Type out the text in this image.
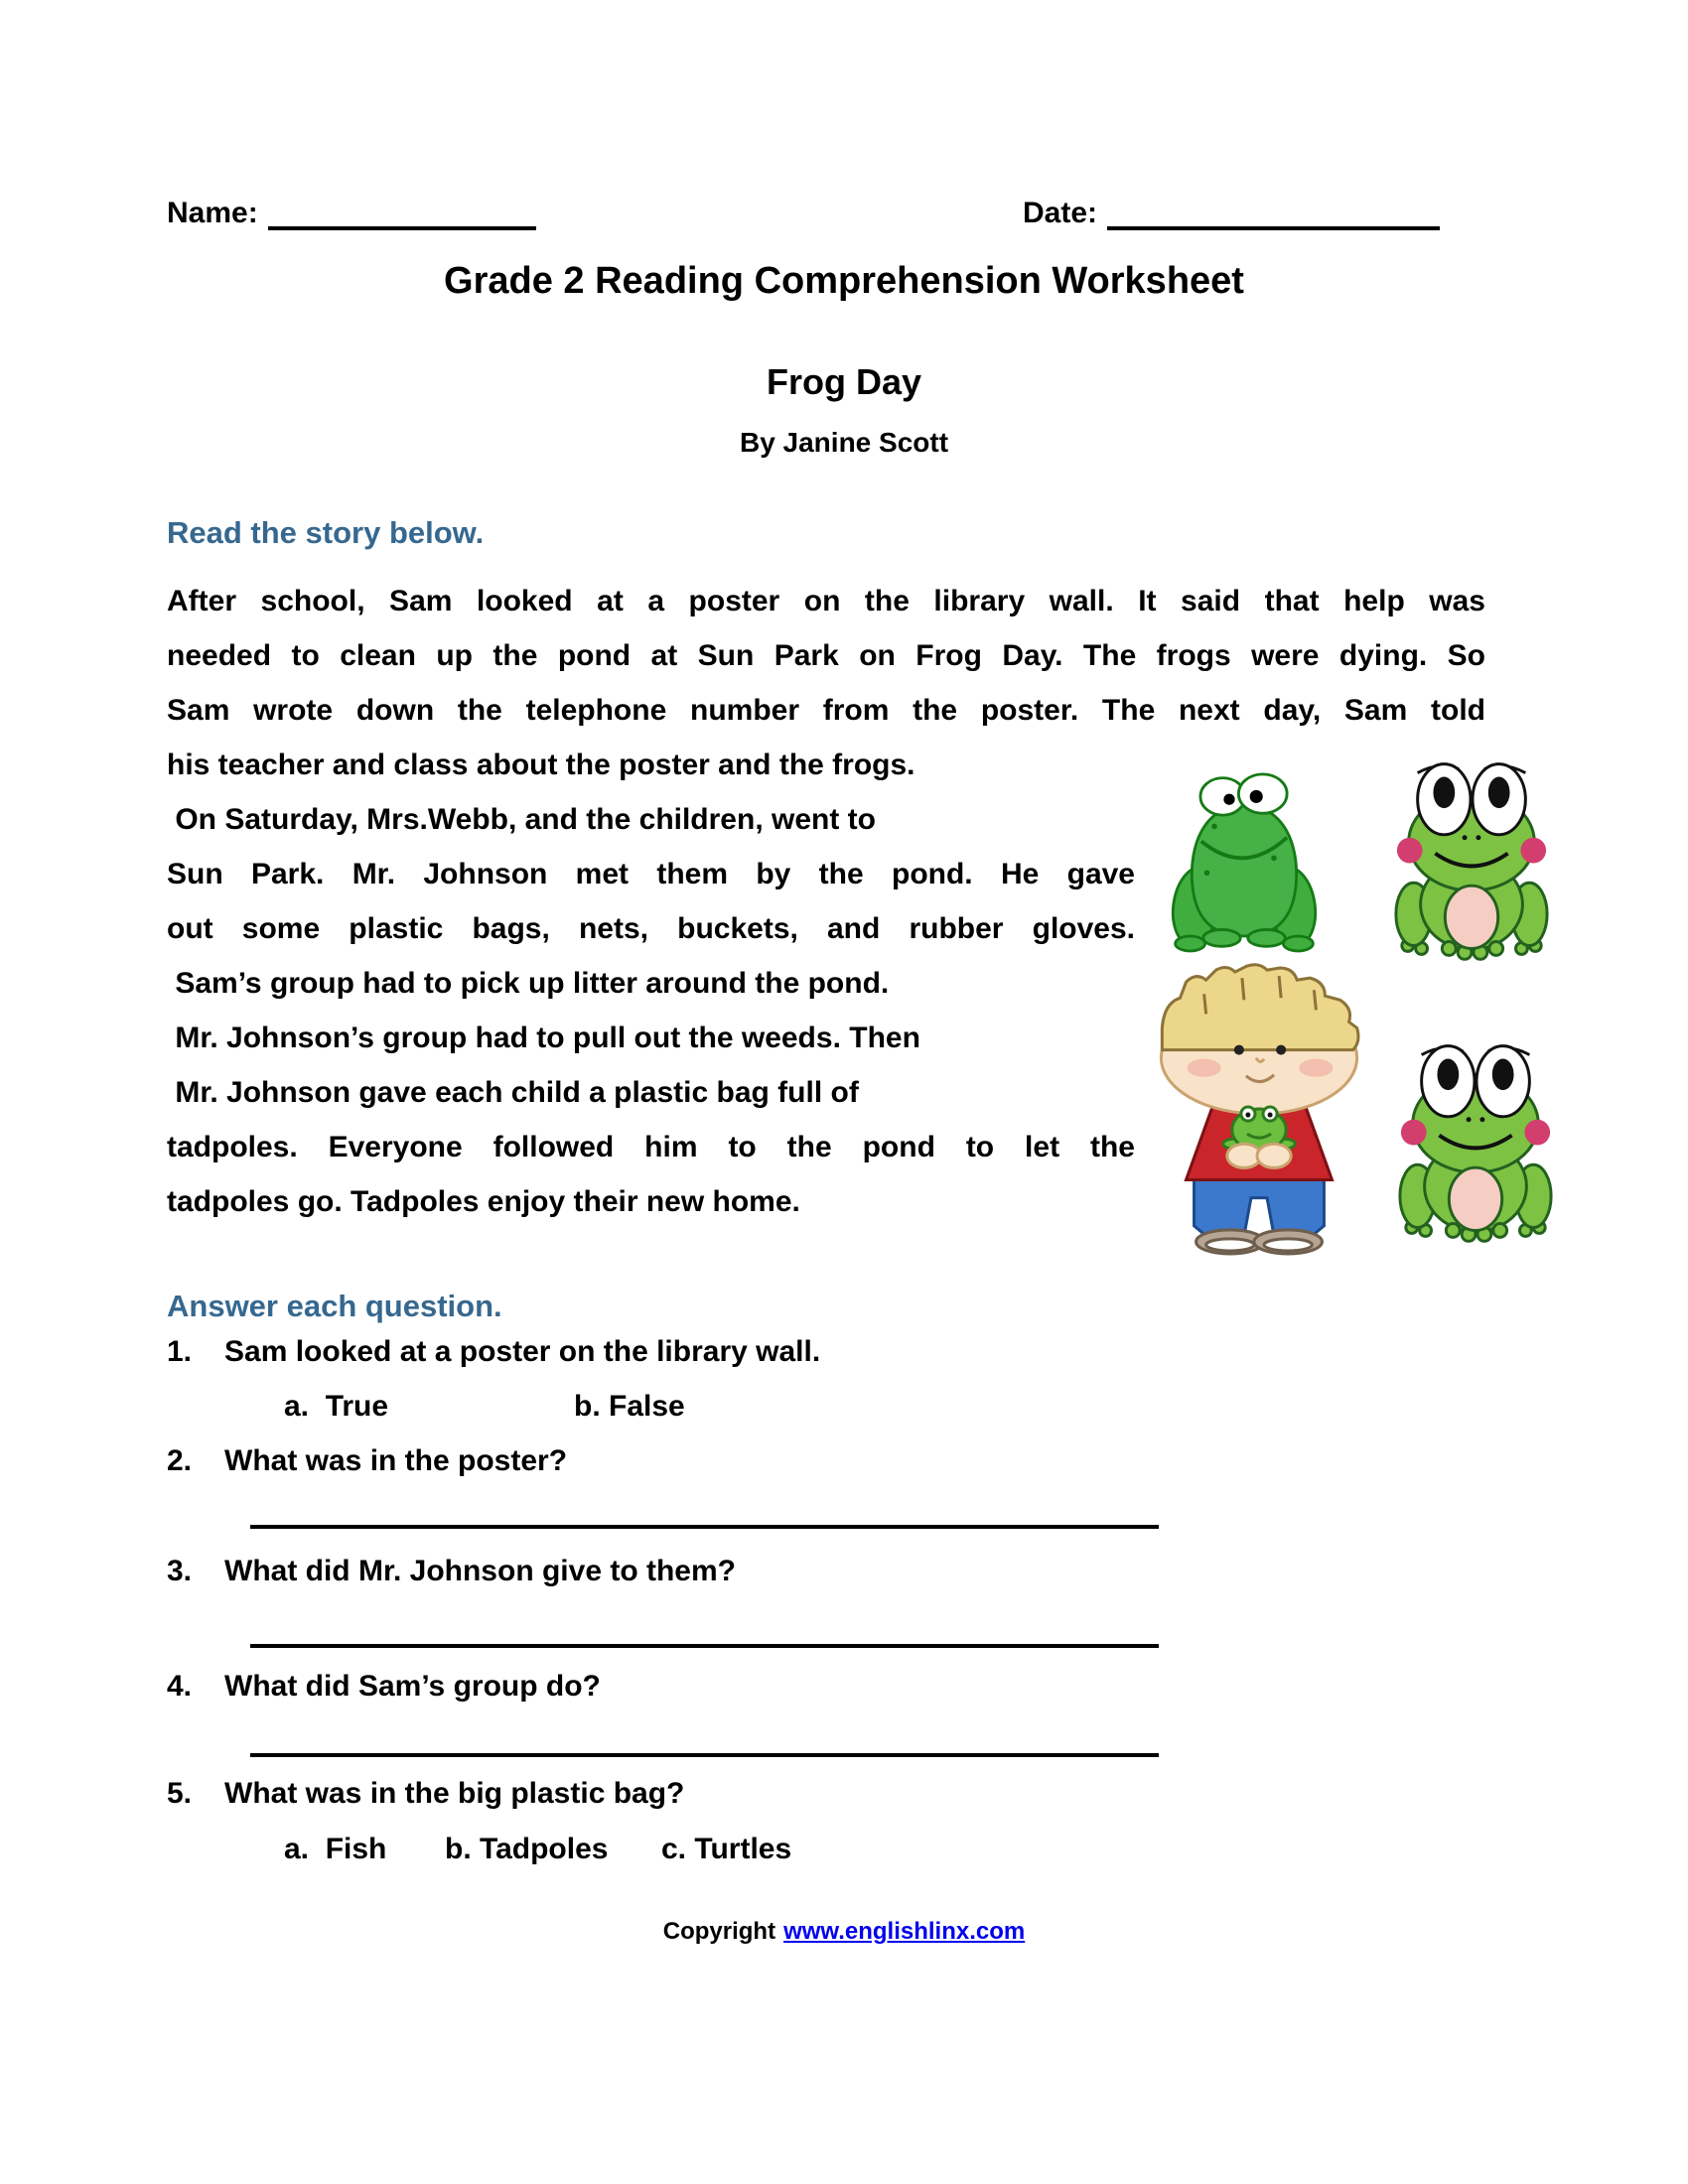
Name:	Date:
Grade 2 Reading Comprehension Worksheet
Frog Day
By Janine Scott
Read the story below.
After school, Sam looked at a poster on the library wall. It said that help was
needed to clean up the pond at Sun Park on Frog Day. The frogs were dying. So
Sam wrote down the telephone number from the poster. The next day, Sam told
his teacher and class about the poster and the frogs.
On Saturday, Mrs.Webb, and the children, went to
Sun Park. Mr. Johnson met them by the pond. He gave
out some plastic bags, nets, buckets, and rubber gloves.
Sam’s group had to pick up litter around the pond.
Mr. Johnson’s group had to pull out the weeds. Then
Mr. Johnson gave each child a plastic bag full of
tadpoles. Everyone followed him to the pond to let the
tadpoles go. Tadpoles enjoy their new home.
Answer each question.
1. Sam looked at a poster on the library wall.
a.  True	b. False
2. What was in the poster?
3. What did Mr. Johnson give to them?
4. What did Sam’s group do?
5. What was in the big plastic bag?
a.  Fish b. Tadpoles c. Turtles
Copyright www.englishlinx.com
